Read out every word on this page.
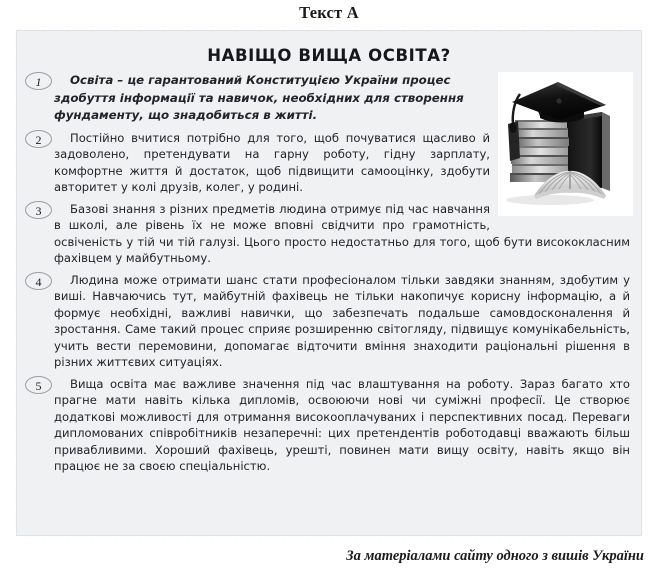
Текст А
НАВІЩО ВИЩА ОСВІТА?
1	Освіта – це гарантований Конституцією України процес здобуття інформації та навичок, необхідних для створення фундаменту, що знадобиться в житті.
2	Постійно вчитися потрібно для того, щоб почуватися щасливо й задоволено, претендувати на гарну роботу, гідну зарплату, комфортне життя й достаток, щоб підвищити самооцінку, здобути авторитет у колі друзів, колег, у родині.
3	Базові знання з різних предметів людина отримує під час навчання в школі, але рівень їх не може вповні свідчити про грамотність, освіченість у тій чи тій галузі. Цього просто недостатньо для того, щоб бути висококласним фахівцем у майбутньому.
4	Людина може отримати шанс стати професіоналом тільки завдяки знанням, здобутим у виші. Навчаючись тут, майбутній фахівець не тільки накопичує корисну інформацію, а й формує необхідні, важливі навички, що забезпечать подальше самовдосконалення й зростання. Саме такий процес сприяє розширенню світогляду, підвищує комунікабельність, учить вести перемовини, допомагає відточити вміння знаходити раціональні рішення в різних життєвих ситуаціях.
5	Вища освіта має важливе значення під час влаштування на роботу. Зараз багато хто прагне мати навіть кілька дипломів, освоюючи нові чи суміжні професії. Це створює додаткові можливості для отримання високооплачуваних і перспективних посад. Переваги дипломованих співробітників незаперечні: цих претендентів роботодавці вважають більш привабливими. Хороший фахівець, урешті, повинен мати вищу освіту, навіть якщо він працює не за своєю спеціальністю.
За матеріалами сайту одного з вишів України
